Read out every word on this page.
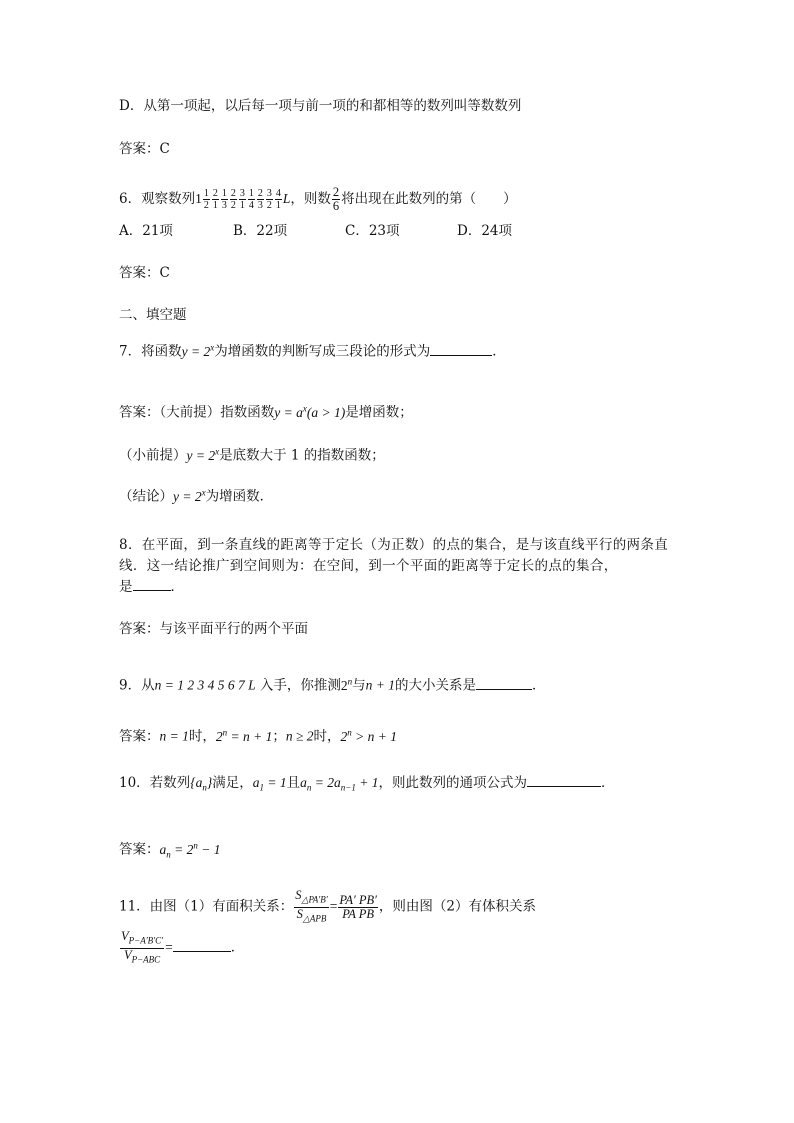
D．从第一项起，以后每一项与前一项的和都相等的数列叫等数数列
答案：C
6．观察数列$1 \frac{1}{2} \frac{2}{1} \frac{1}{3} \frac{2}{2} \frac{3}{1} \frac{1}{4} \frac{2}{3} \frac{3}{2} \frac{4}{1}$ L，则数 $\frac{2}{6}$ 将出现在此数列的第（　　）
A．21项	B．22项	C．23项	D．24项
答案：C
二、填空题
7．将函数$y = 2^x$为增函数的判断写成三段论的形式为	．
答案：（大前提）指数函数$y = a^x(a > 1)$是增函数；
（小前提）$y = 2^x$是底数大于 1 的指数函数；
（结论）$y = 2^x$为增函数．
8．在平面，到一条直线的距离等于定长（为正数）的点的集合，是与该直线平行的两条直
线．这一结论推广到空间则为：在空间，到一个平面的距离等于定长的点的集合，
是	．
答案：与该平面平行的两个平面
9．从n = 1 2 3 4 5 6 7 L 入手，你推测2$^n$与n + 1的大小关系是	．
答案：n = 1时，$2^n = n + 1$；n ≥ 2时，$2^n > n + 1$
10．若数列$\{a_n\}$满足，$a_1 = 1$且$a_n = 2a_{n-1} + 1$，则此数列的通项公式为	．
答案：$a_n = 2^n - 1$
11．由图（1）有面积关系： $\frac{S_{\triangle PA'B'}}{S_{\triangle APB}} = \frac{PA' PB'}{\text{PA PB}}$ ，则由图（2）有体积关系
$\frac{V_{P-A'B'C'}}{V_{P-ABC}}$ =	．
